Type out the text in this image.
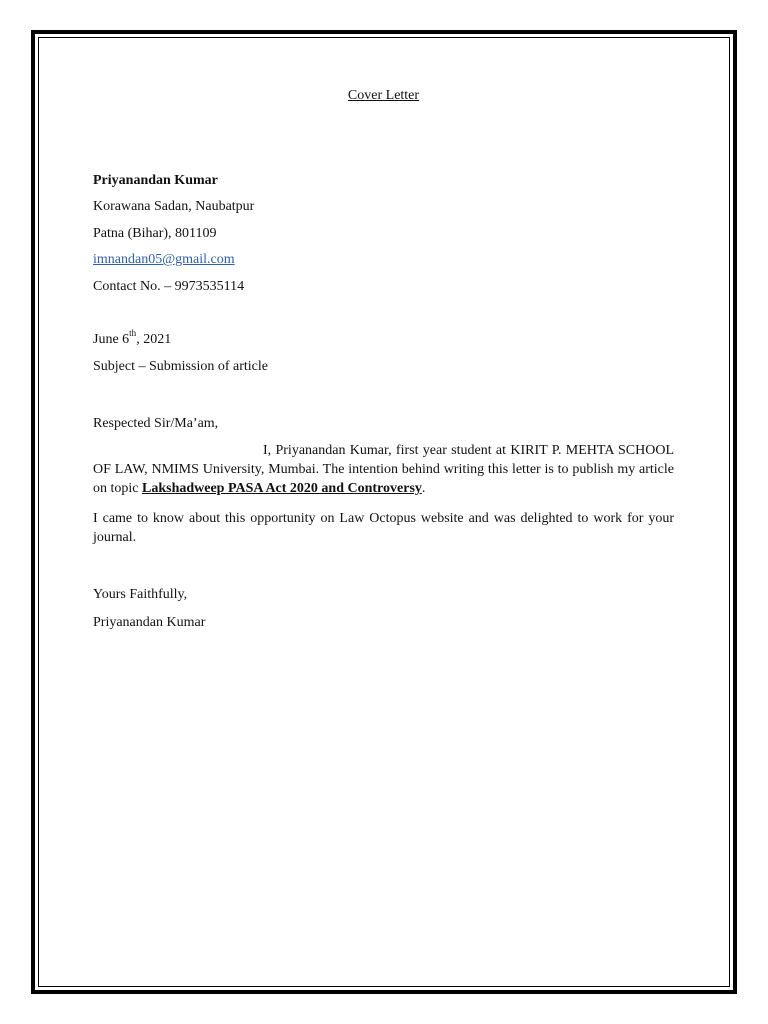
Cover Letter
Priyanandan Kumar
Korawana Sadan, Naubatpur
Patna (Bihar), 801109
imnandan05@gmail.com
Contact No. – 9973535114
June 6th, 2021
Subject – Submission of article
Respected Sir/Ma’am,
I, Priyanandan Kumar, first year student at KIRIT P. MEHTA SCHOOL OF LAW, NMIMS University, Mumbai. The intention behind writing this letter is to publish my article on topic Lakshadweep PASA Act 2020 and Controversy.
I came to know about this opportunity on Law Octopus website and was delighted to work for your journal.
Yours Faithfully,
Priyanandan Kumar
